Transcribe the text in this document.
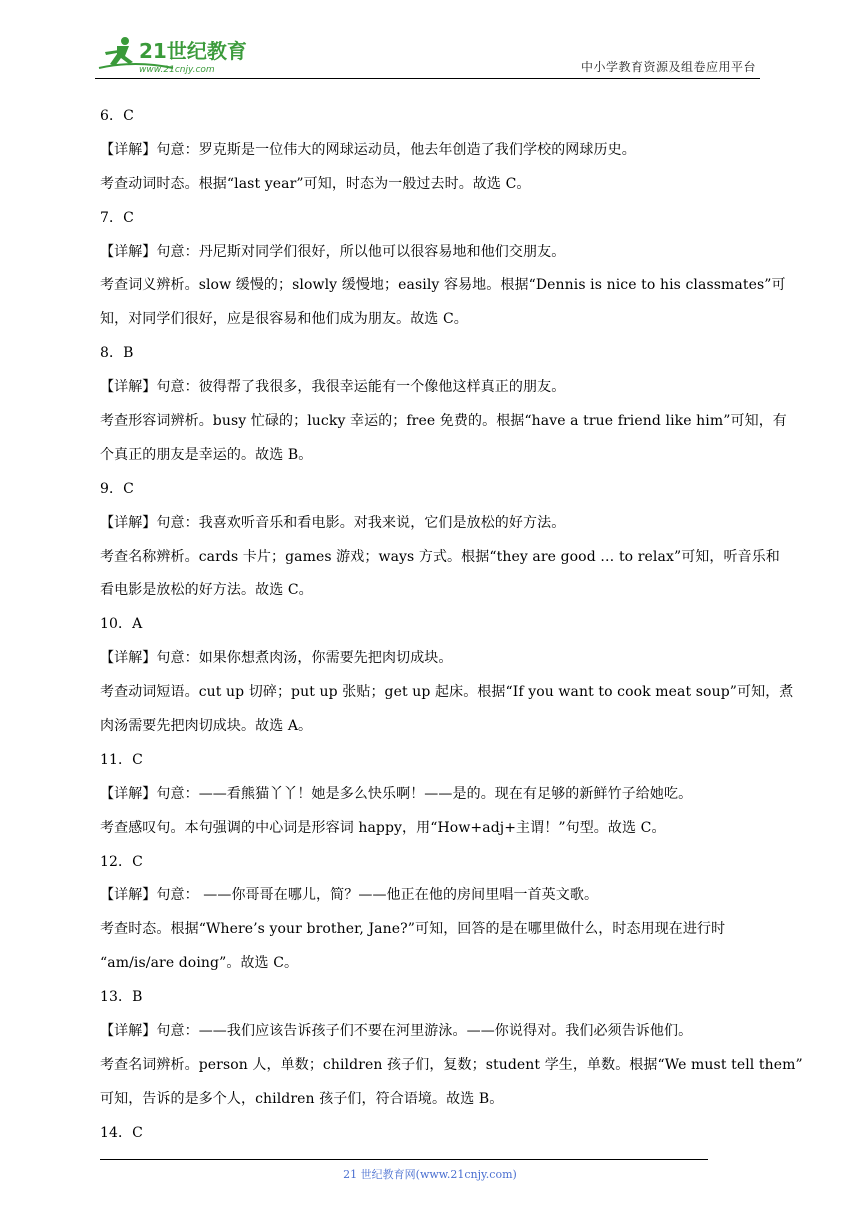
21世纪教育
www.21cnjy.com	中小学教育资源及组卷应用平台
6．C
【详解】句意：罗克斯是一位伟大的网球运动员，他去年创造了我们学校的网球历史。
考查动词时态。根据“last year”可知，时态为一般过去时。故选 C。
7．C
【详解】句意：丹尼斯对同学们很好，所以他可以很容易地和他们交朋友。
考查词义辨析。slow 缓慢的；slowly 缓慢地；easily 容易地。根据“Dennis is nice to his classmates”可
知，对同学们很好，应是很容易和他们成为朋友。故选 C。
8．B
【详解】句意：彼得帮了我很多，我很幸运能有一个像他这样真正的朋友。
考查形容词辨析。busy 忙碌的；lucky 幸运的；free 免费的。根据“have a true friend like him”可知，有
个真正的朋友是幸运的。故选 B。
9．C
【详解】句意：我喜欢听音乐和看电影。对我来说，它们是放松的好方法。
考查名称辨析。cards 卡片；games 游戏；ways 方式。根据“they are good … to relax”可知，听音乐和
看电影是放松的好方法。故选 C。
10．A
【详解】句意：如果你想煮肉汤，你需要先把肉切成块。
考查动词短语。cut up 切碎；put up 张贴；get up 起床。根据“If you want to cook meat soup”可知，煮
肉汤需要先把肉切成块。故选 A。
11．C
【详解】句意：——看熊猫丫丫！她是多么快乐啊！——是的。现在有足够的新鲜竹子给她吃。
考查感叹句。本句强调的中心词是形容词 happy，用“How+adj+主谓！”句型。故选 C。
12．C
【详解】句意： ——你哥哥在哪儿，简？——他正在他的房间里唱一首英文歌。
考查时态。根据“Where’s your brother, Jane?”可知，回答的是在哪里做什么，时态用现在进行时
“am/is/are doing”。故选 C。
13．B
【详解】句意：——我们应该告诉孩子们不要在河里游泳。——你说得对。我们必须告诉他们。
考查名词辨析。person 人，单数；children 孩子们，复数；student 学生，单数。根据“We must tell them”
可知，告诉的是多个人，children 孩子们，符合语境。故选 B。
14．C
21 世纪教育网(www.21cnjy.com)
